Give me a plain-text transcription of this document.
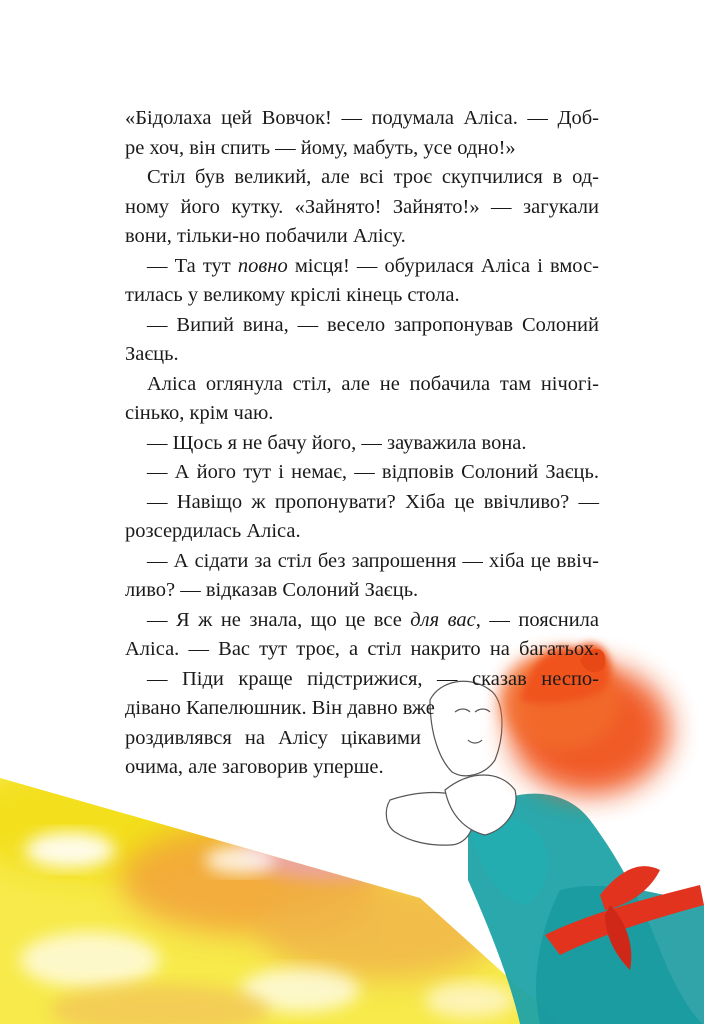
«Бідолаха цей Вовчок! — подумала Аліса. — Доб-
ре хоч, він спить — йому, мабуть, усе одно!»
Стіл був великий, але всі троє скупчилися в од-
ному його кутку. «Зайнято! Зайнято!» — загукали
вони, тільки-но побачили Алісу.
— Та тут повно місця! — обурилася Аліса і вмос-
тилась у великому кріслі кінець стола.
— Випий вина, — весело запропонував Солоний
Заєць.
Аліса оглянула стіл, але не побачила там нічогі-
сінько, крім чаю.
— Щось я не бачу його, — зауважила вона.
— А його тут і немає, — відповів Солоний Заєць.
— Навіщо ж пропонувати? Хіба це ввічливо? —
розсердилась Аліса.
— А сідати за стіл без запрошення — хіба це ввіч-
ливо? — відказав Солоний Заєць.
— Я ж не знала, що це все для вас, — пояснила
Аліса. — Вас тут троє, а стіл накрито на багатьох.
— Піди краще підстрижися, — сказав неспо-
дівано Капелюшник. Він давно вже
роздивлявся на Алісу цікавими
очима, але заговорив уперше.
